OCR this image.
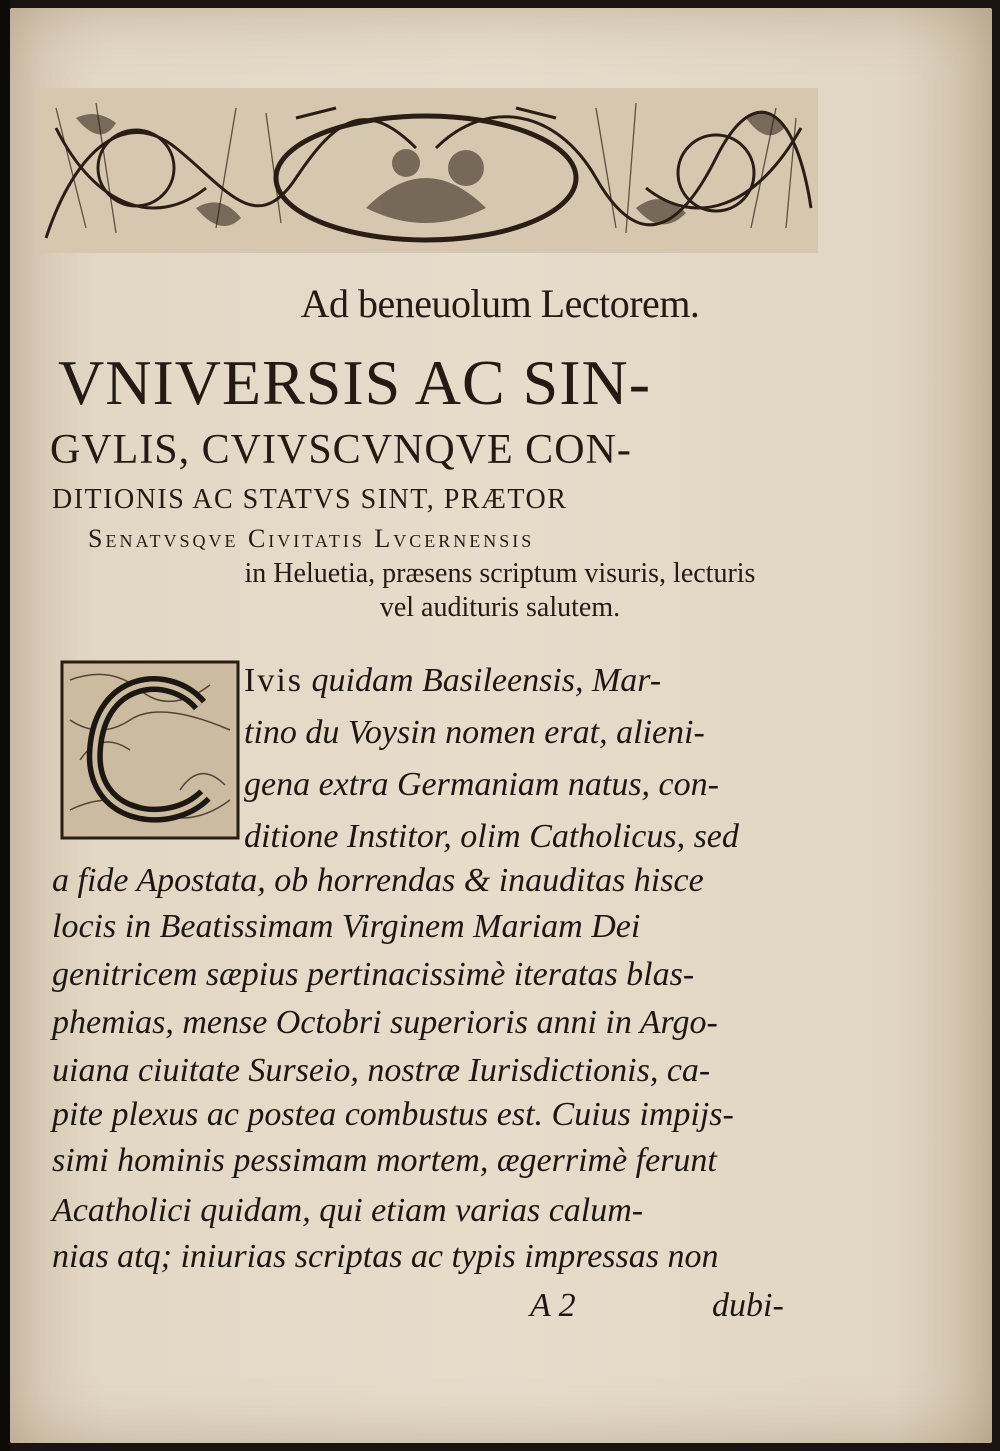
Ad beneuolum Lectorem.
VNIVERSIS AC SIN-
GVLIS, CVIVSCVNQVE CON-
DITIONIS AC STATVS SINT, PRÆTOR
Senatvsqve Civitatis Lvcernensis
in Heluetia, præsens scriptum visuris, lecturis
vel audituris salutem.
Ivis quidam Basileensis, Mar-
tino du Voysin nomen erat, alieni-
gena extra Germaniam natus, con-
ditione Institor, olim Catholicus, sed
a fide Apostata, ob horrendas & inauditas hisce
locis in Beatissimam Virginem Mariam Dei
genitricem sæpius pertinacissimè iteratas blas-
phemias, mense Octobri superioris anni in Argo-
uiana ciuitate Surseio, nostræ Iurisdictionis, ca-
pite plexus ac postea combustus est. Cuius impijs-
simi hominis pessimam mortem, ægerrimè ferunt
Acatholici quidam, qui etiam varias calum-
nias atq; iniurias scriptas ac typis impressas non
A 2	dubi-
